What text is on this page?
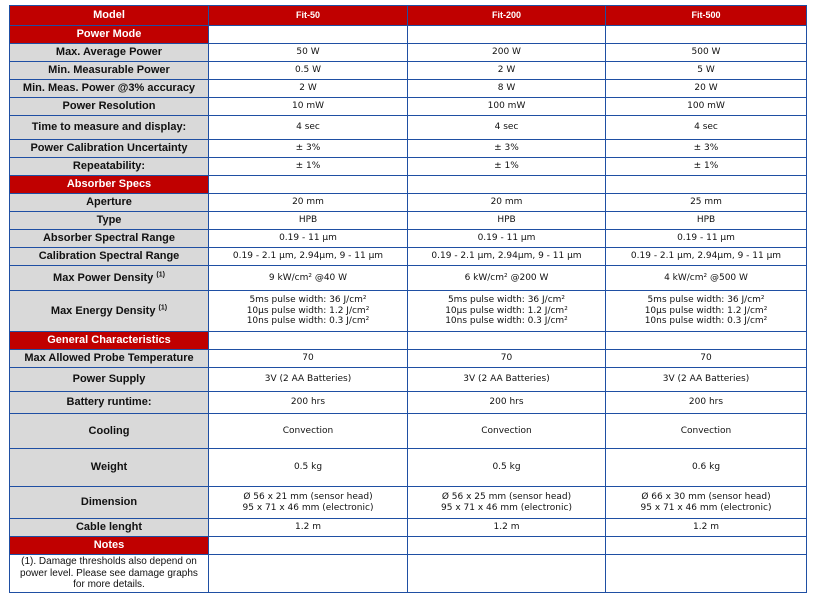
Model	Fit-50	Fit-200	Fit-500
Power Mode			
Max. Average Power	50 W	200 W	500 W
Min. Measurable Power	0.5 W	2 W	5 W
Min. Meas. Power @3% accuracy	2 W	8 W	20 W
Power Resolution	10 mW	100 mW	100 mW
Time to measure and display:	4 sec	4 sec	4 sec
Power Calibration Uncertainty	± 3%	± 3%	± 3%
Repeatability:	± 1%	± 1%	± 1%
Absorber Specs			
Aperture	20 mm	20 mm	25 mm
Type	HPB	HPB	HPB
Absorber Spectral Range	0.19 - 11 µm	0.19 - 11 µm	0.19 - 11 µm
Calibration Spectral Range	0.19 - 2.1 µm, 2.94µm, 9 - 11 µm	0.19 - 2.1 µm, 2.94µm, 9 - 11 µm	0.19 - 2.1 µm, 2.94µm, 9 - 11 µm
Max Power Density $^{(1)}$	9 kW/cm² @40 W	6 kW/cm² @200 W	4 kW/cm² @500 W
Max Energy Density $^{(1)}$	5ms pulse width: 36 J/cm²
10µs pulse width: 1.2 J/cm²
10ns pulse width: 0.3 J/cm²	5ms pulse width: 36 J/cm²
10µs pulse width: 1.2 J/cm²
10ns pulse width: 0.3 J/cm²	5ms pulse width: 36 J/cm²
10µs pulse width: 1.2 J/cm²
10ns pulse width: 0.3 J/cm²

General Characteristics			
Max Allowed Probe Temperature	70	70	70
Power Supply	3V (2 AA Batteries)	3V (2 AA Batteries)	3V (2 AA Batteries)
Battery runtime:	200 hrs	200 hrs	200 hrs
Cooling	Convection	Convection	Convection
Weight	0.5 kg	0.5 kg	0.6 kg
Dimension	Ø 56 x 21 mm (sensor head)
95 x 71 x 46 mm (electronic)	Ø 56 x 25 mm (sensor head)
95 x 71 x 46 mm (electronic)	Ø 66 x 30 mm (sensor head)
95 x 71 x 46 mm (electronic)

Cable lenght	1.2 m	1.2 m	1.2 m
Notes			

(1). Damage thresholds also depend on
power level. Please see damage graphs
for more details.			
